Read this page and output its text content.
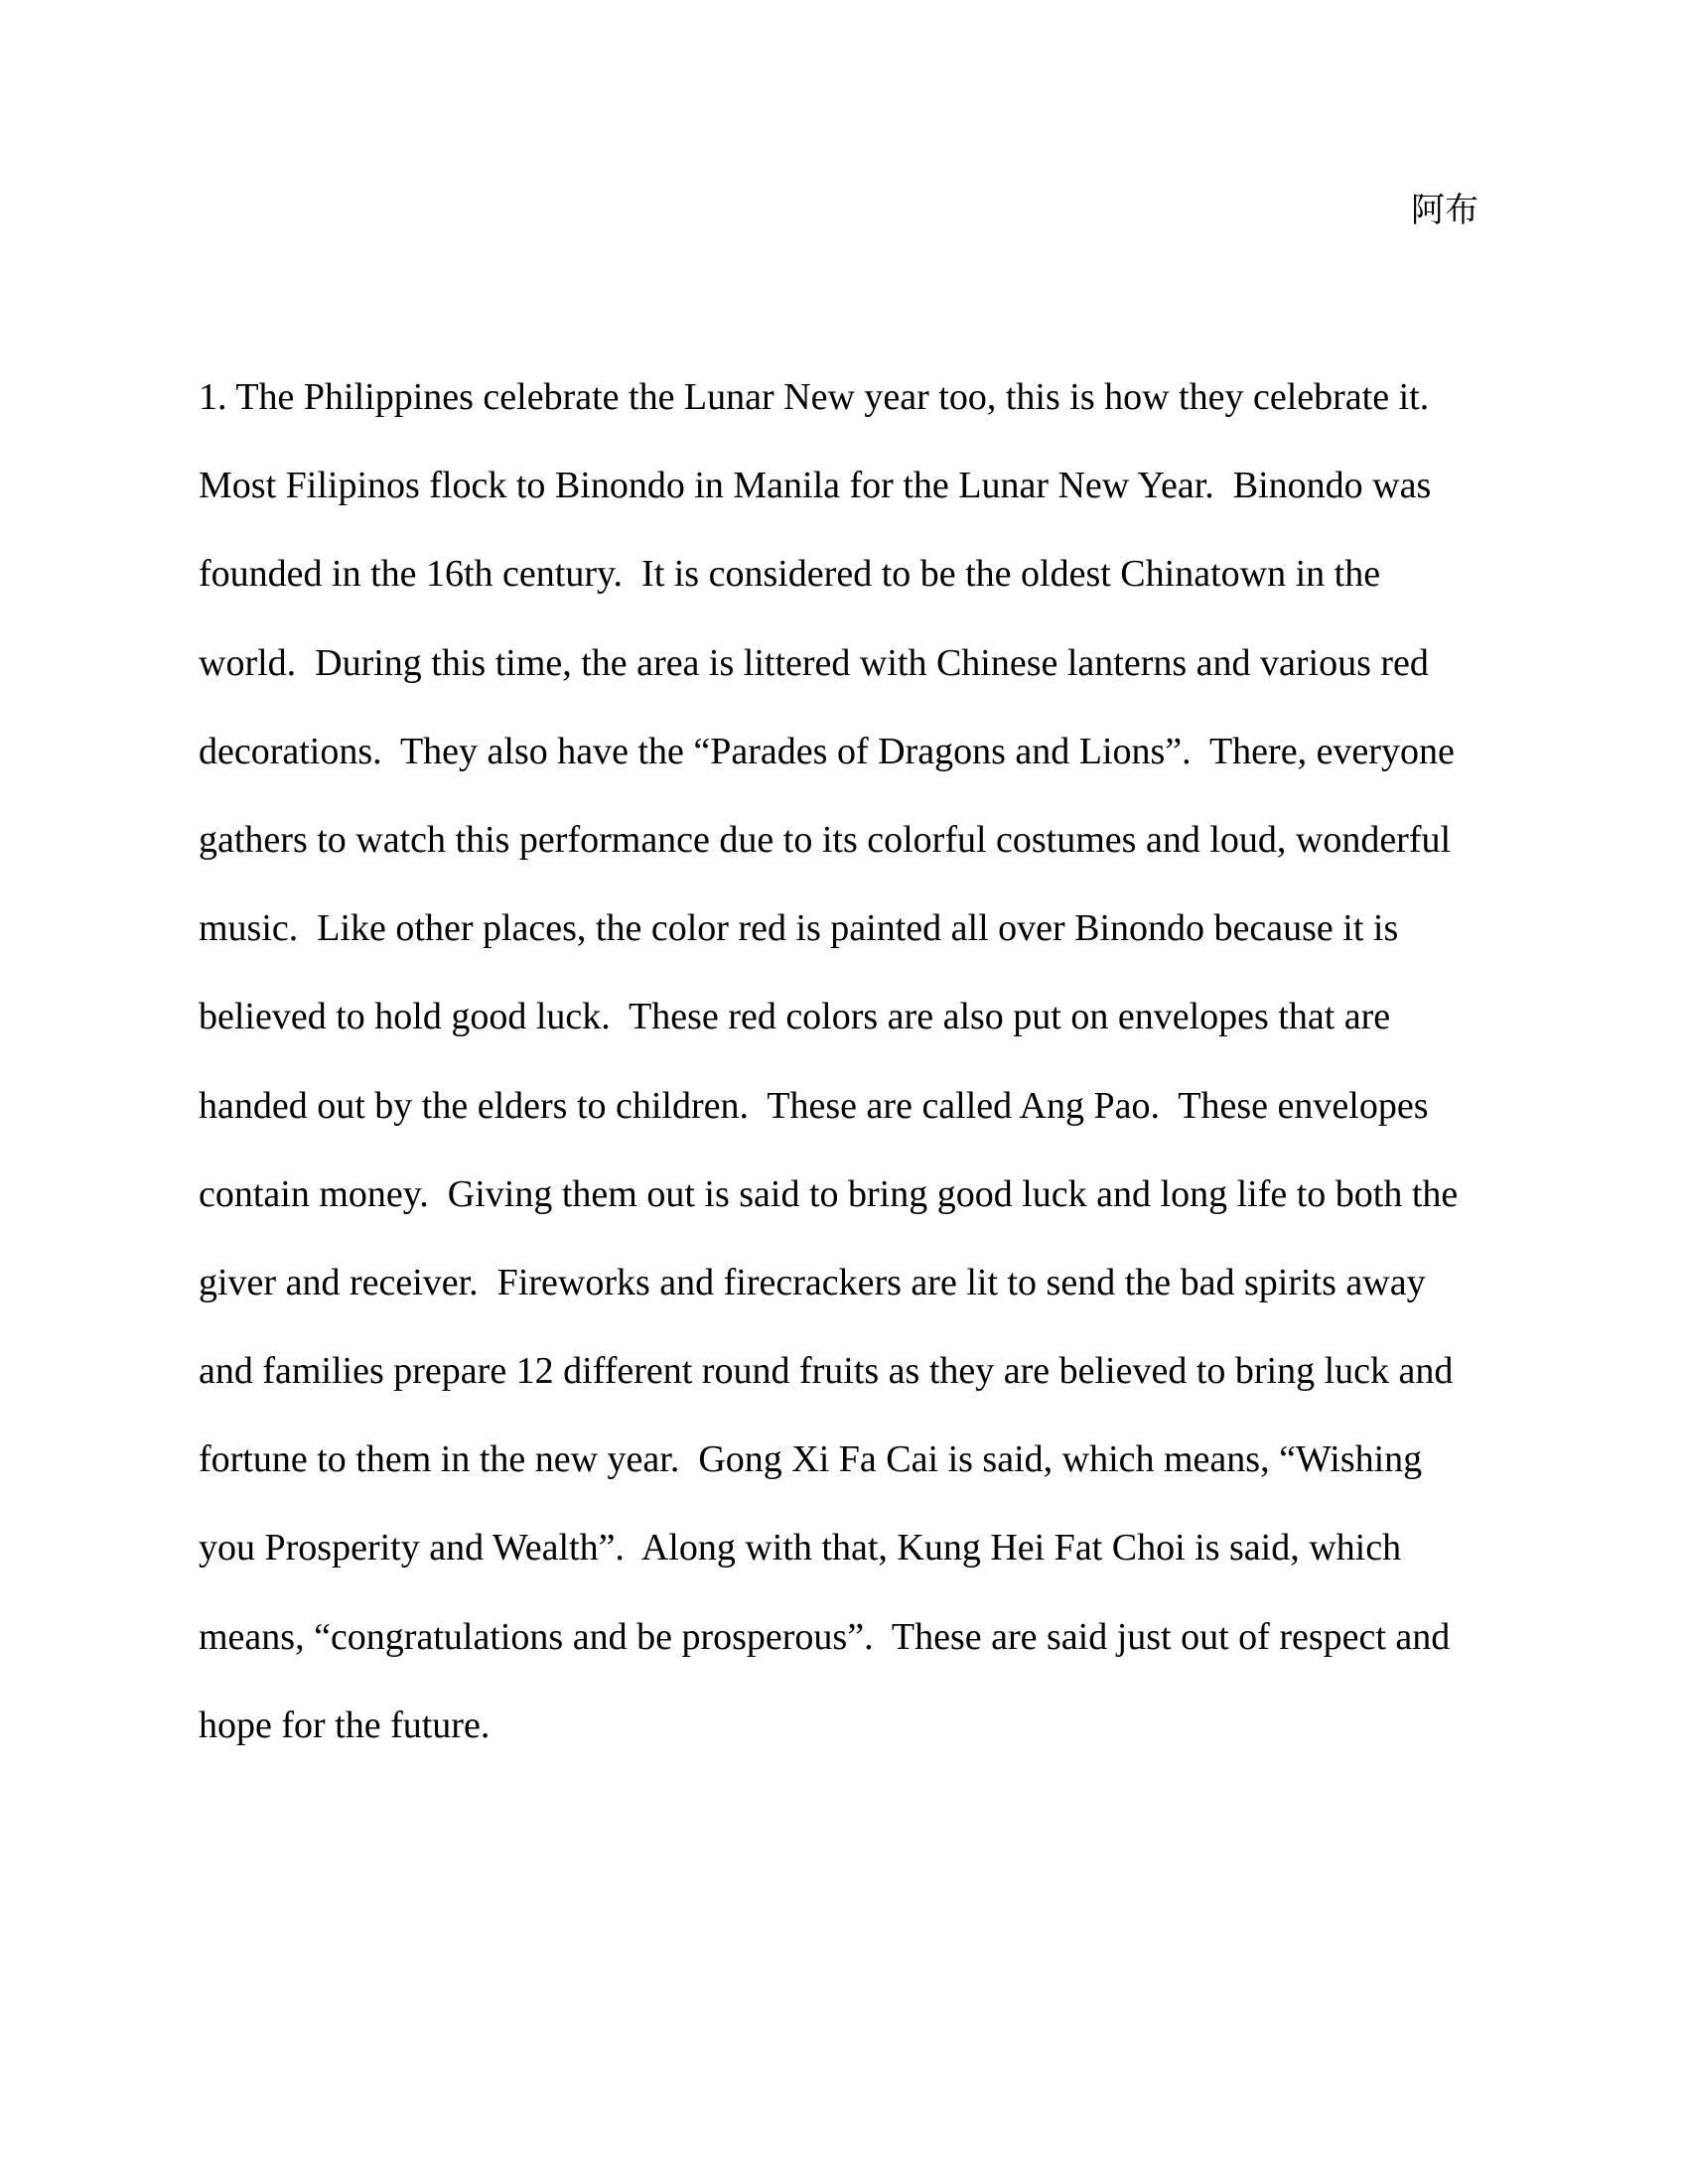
阿布
1. The Philippines celebrate the Lunar New year too, this is how they celebrate it.
Most Filipinos flock to Binondo in Manila for the Lunar New Year.  Binondo was
founded in the 16th century.  It is considered to be the oldest Chinatown in the
world.  During this time, the area is littered with Chinese lanterns and various red
decorations.  They also have the “Parades of Dragons and Lions”.  There, everyone
gathers to watch this performance due to its colorful costumes and loud, wonderful
music.  Like other places, the color red is painted all over Binondo because it is
believed to hold good luck.  These red colors are also put on envelopes that are
handed out by the elders to children.  These are called Ang Pao.  These envelopes
contain money.  Giving them out is said to bring good luck and long life to both the
giver and receiver.  Fireworks and firecrackers are lit to send the bad spirits away
and families prepare 12 different round fruits as they are believed to bring luck and
fortune to them in the new year.  Gong Xi Fa Cai is said, which means, “Wishing
you Prosperity and Wealth”.  Along with that, Kung Hei Fat Choi is said, which
means, “congratulations and be prosperous”.  These are said just out of respect and
hope for the future.
